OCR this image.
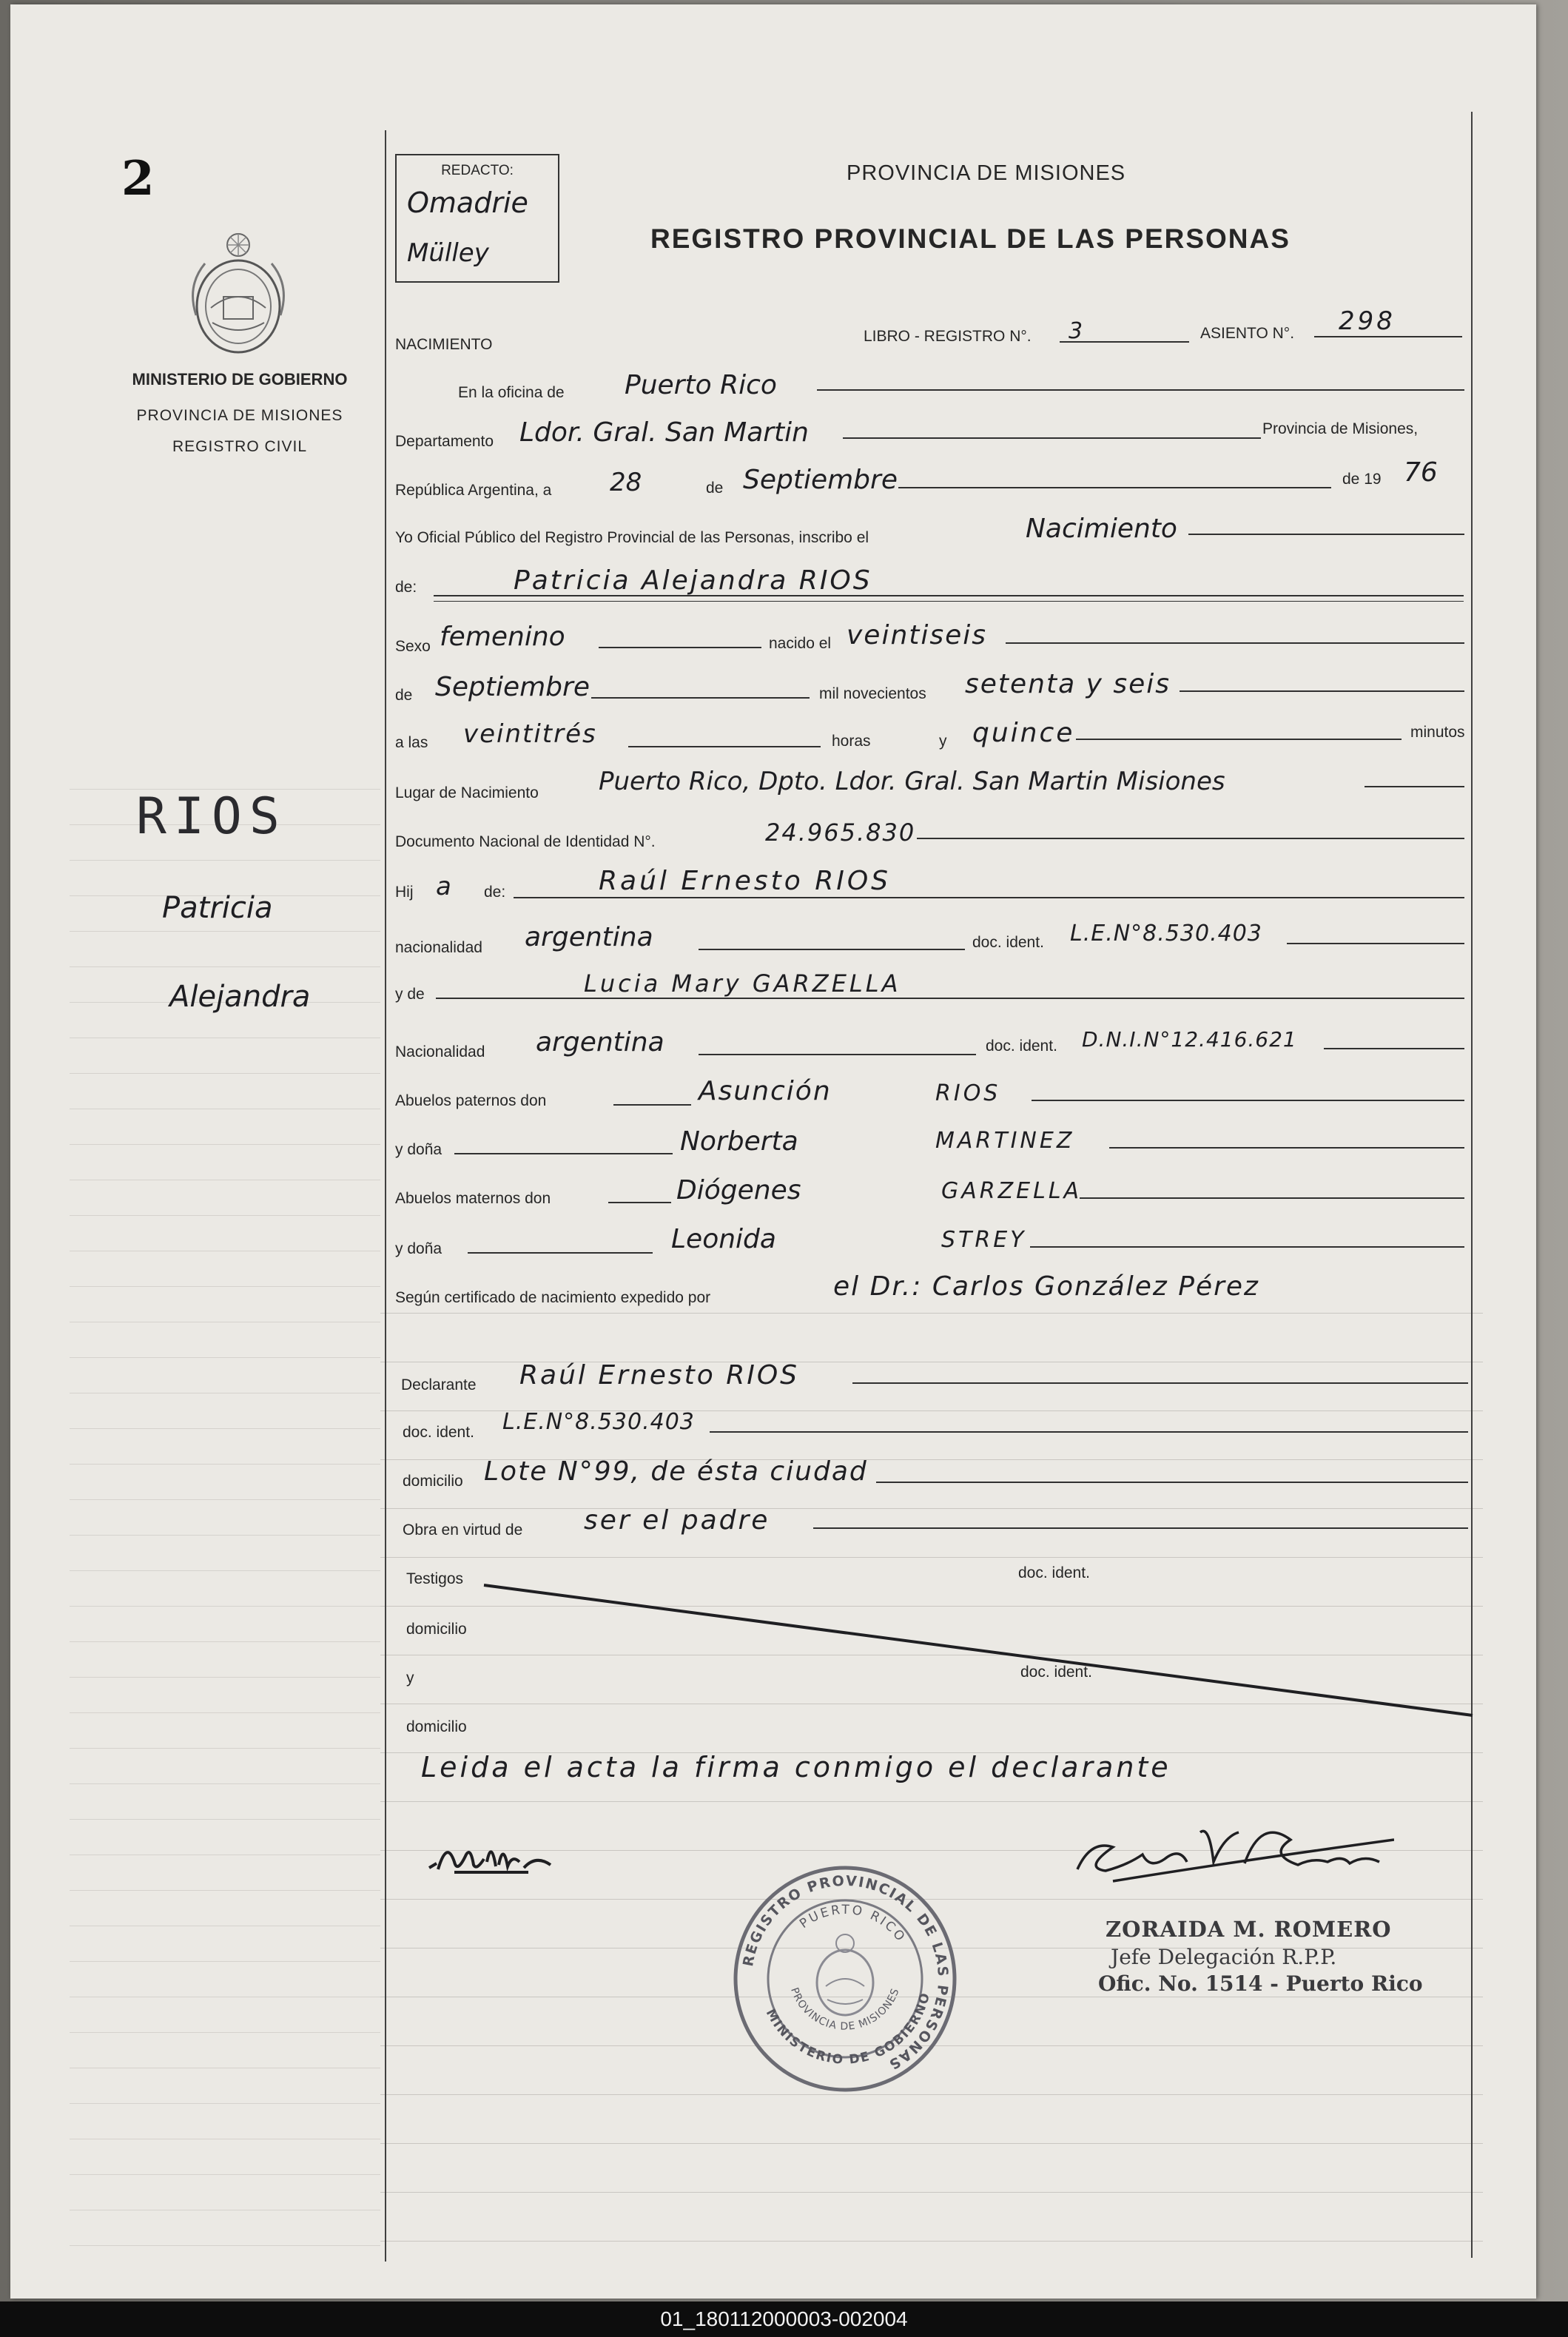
2
MINISTERIO DE GOBIERNO
PROVINCIA DE MISIONES
REGISTRO CIVIL
RIOS
Patricia
Alejandra
REDACTO:
Omadrie
Mülley
PROVINCIA DE MISIONES
REGISTRO PROVINCIAL DE LAS PERSONAS
NACIMIENTO	LIBRO - REGISTRO N°. 3	ASIENTO N°. 298
En la oficina de Puerto Rico
Departamento Ldor. Gral. San Martin	Provincia de Misiones,
República Argentina, a 28	de Septiembre	de 19 76
Yo Oficial Público del Registro Provincial de las Personas, inscribo el	Nacimiento
de:	Patricia Alejandra RIOS
Sexo femenino	nacido el veintiseis
de Septiembre	mil novecientos setenta y seis
a las veintitrés	horas	y quince	minutos
Lugar de Nacimiento Puerto Rico, Dpto. Ldor. Gral. San Martin Misiones
Documento Nacional de Identidad N°.	24.965.830
Hij a de:	Raúl Ernesto RIOS
nacionalidad argentina	doc. ident. L.E.N°8.530.403
y de	Lucia Mary GARZELLA
Nacionalidad argentina	doc. ident. D.N.I.N°12.416.621
Abuelos paternos don	Asunción	RIOS
y doña	Norberta	MARTINEZ
Abuelos maternos don	Diógenes	GARZELLA
y doña	Leonida	STREY
Según certificado de nacimiento expedido por	el Dr.: Carlos González Pérez
Declarante Raúl Ernesto RIOS
doc. ident. L.E.N°8.530.403
domicilio Lote N°99, de ésta ciudad
Obra en virtud de ser el padre
Testigos	doc. ident.
domicilio
y	doc. ident.
domicilio
Leida el acta la firma conmigo el declarante
ZORAIDA M. ROMERO
Jefe Delegación R.P.P.
Ofic. No. 1514 - Puerto Rico
REGISTRO PROVINCIAL DE LAS PERSONAS
PUERTO RICO
PROVINCIA DE MISIONES
MINISTERIO DE GOBIERNO
01_180112000003-002004
